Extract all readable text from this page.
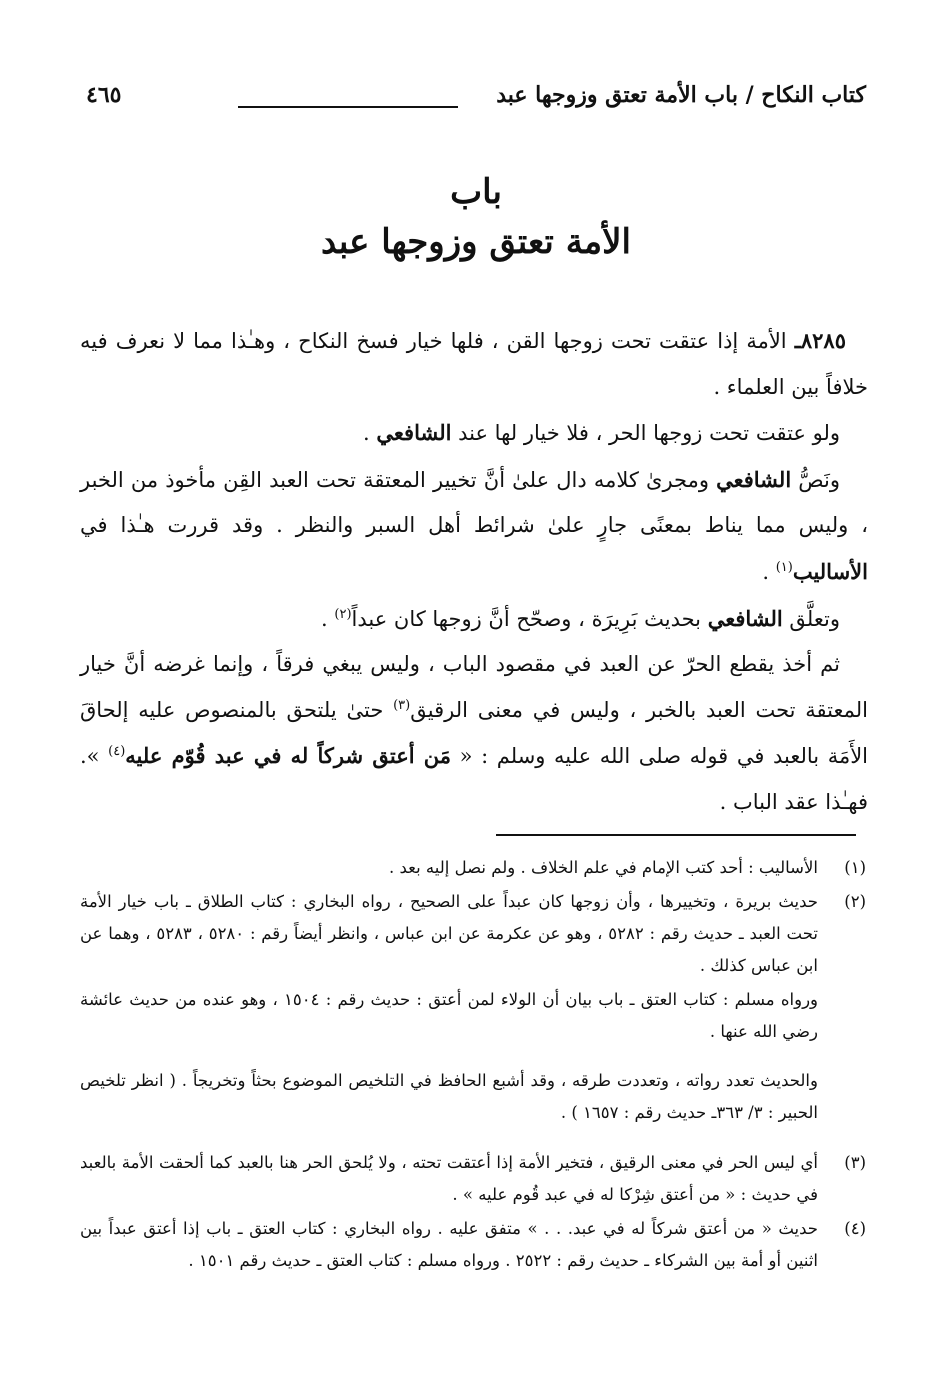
كتاب النكاح / باب الأمة تعتق وزوجها عبد
٤٦٥
باب
الأمة تعتق وزوجها عبد

٨٢٨٥ـ الأمة إذا عتقت تحت زوجها القن ، فلها خيار فسخ النكاح ، وهـٰذا مما لا نعرف فيه خلافاً بين العلماء .

ولو عتقت تحت زوجها الحر ، فلا خيار لها عند الشافعي .

ونَصُّ الشافعي ومجرىٰ كلامه دال علىٰ أنَّ تخيير المعتقة تحت العبد القِن مأخوذ من الخبر ، وليس مما يناط بمعنًى جارٍ علىٰ شرائط أهل السبر والنظر . وقد قررت هـٰذا في الأساليب$^{(١)}$ .

وتعلَّق الشافعي بحديث بَرِيرَة ، وصحّح أنَّ زوجها كان عبداً$^{(٢)}$ .

ثم أخذ يقطع الحرّ عن العبد في مقصود الباب ، وليس يبغي فرقاً ، وإنما غرضه أنَّ خيار المعتقة تحت العبد بالخبر ، وليس في معنى الرقيق$^{(٣)}$ حتىٰ يلتحق بالمنصوص عليه إلحاقَ الأَمَة بالعبد في قوله صلى الله عليه وسلم : « مَن أعتق شركاً له في عبد قُوّم عليه$^{(٤)}$ ». فهـٰذا عقد الباب .

(١)

الأساليب : أحد كتب الإمام في علم الخلاف . ولم نصل إليه بعد .

(٢)

حديث بريرة ، وتخييرها ، وأن زوجها كان عبداً على الصحيح ، رواه البخاري : كتاب الطلاق ـ باب خيار الأمة تحت العبد ـ حديث رقم : ٥٢٨٢ ، وهو عن عكرمة عن ابن عباس ، وانظر أيضاً رقم : ٥٢٨٠ ، ٥٢٨٣ ، وهما عن ابن عباس كذلك .

ورواه مسلم : كتاب العتق ـ باب بيان أن الولاء لمن أعتق : حديث رقم : ١٥٠٤ ، وهو عنده من حديث عائشة رضي الله عنها .

والحديث تعدد رواته ، وتعددت طرقه ، وقد أشبع الحافظ في التلخيص الموضوع بحثاً وتخريجاً . ( انظر تلخيص الحبير : ٣/ ٣٦٣ـ حديث رقم : ١٦٥٧ ) .

(٣)

أي ليس الحر في معنى الرقيق ، فتخير الأمة إذا أعتقت تحته ، ولا يُلحق الحر هنا بالعبد كما ألحقت الأمة بالعبد في حديث : « من أعتق شِرْكا له في عبد قُوم عليه » .

(٤)

حديث « من أعتق شركاً له في عبد. . . » متفق عليه . رواه البخاري : كتاب العتق ـ باب إذا أعتق عبداً بين اثنين أو أمة بين الشركاء ـ حديث رقم : ٢٥٢٢ . ورواه مسلم : كتاب العتق ـ حديث رقم ١٥٠١ .
